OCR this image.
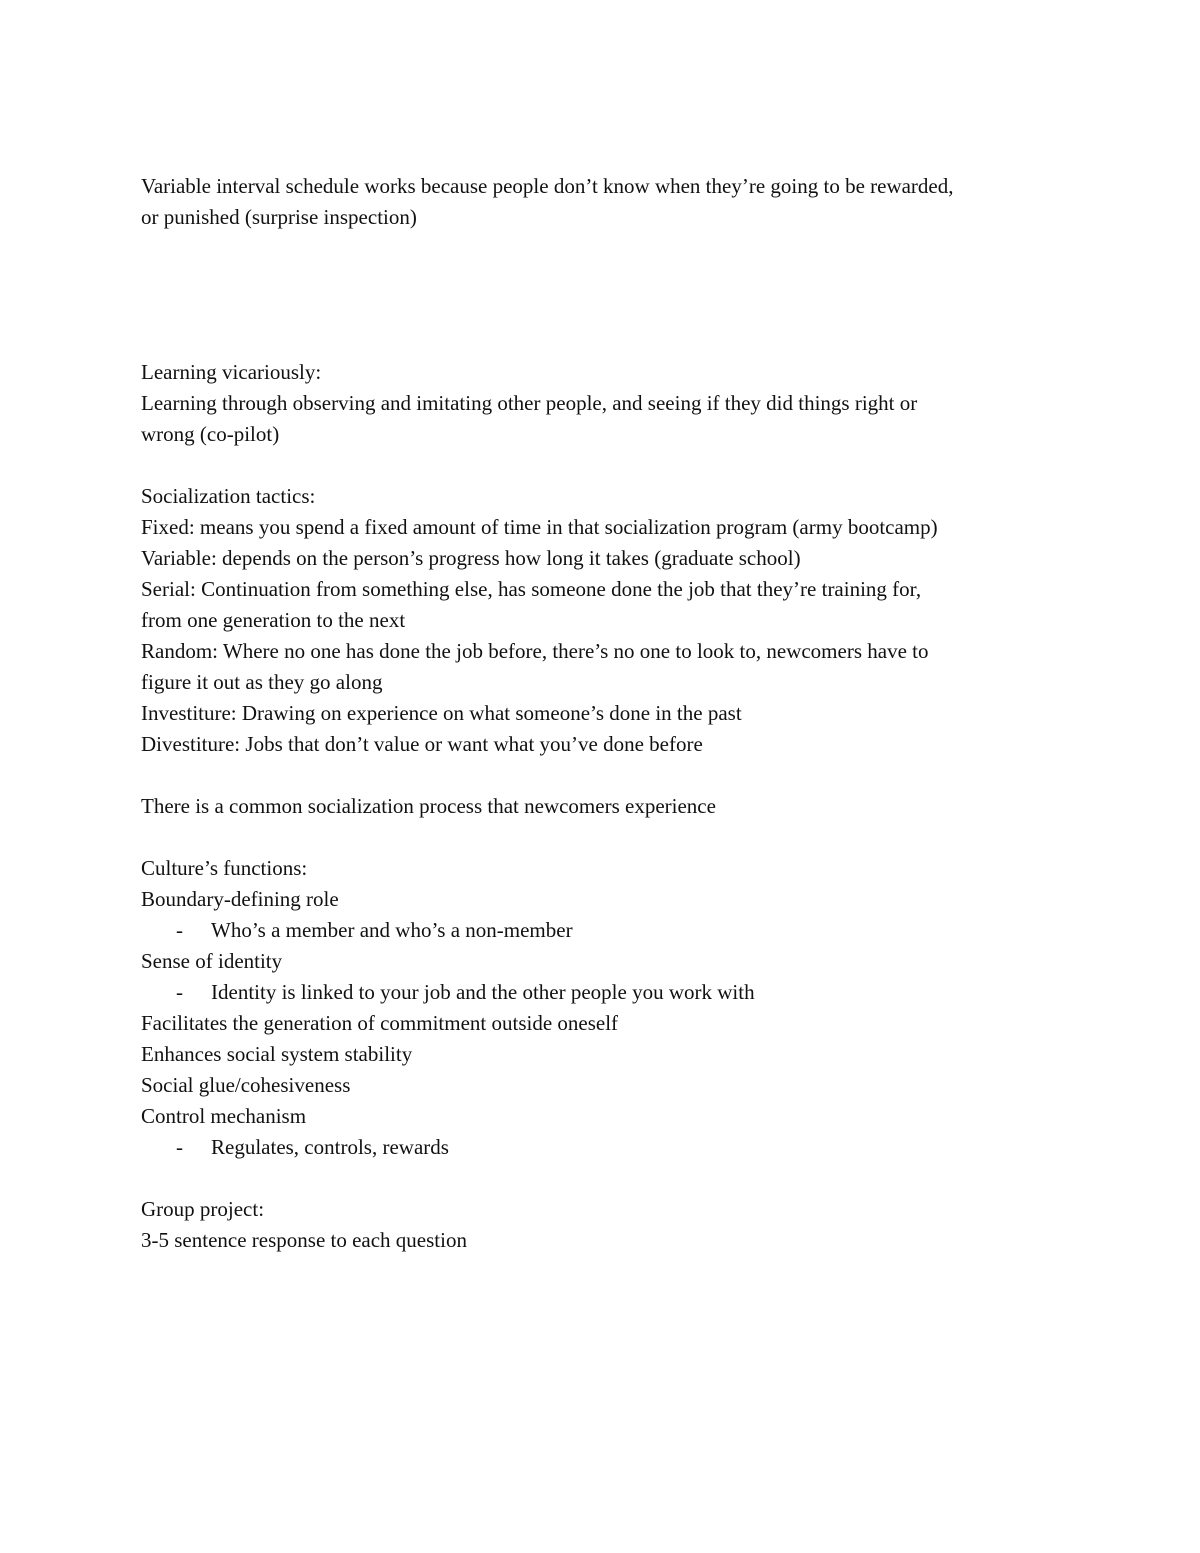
Variable interval schedule works because people don’t know when they’re going to be rewarded,
or punished (surprise inspection)
Learning vicariously:
Learning through observing and imitating other people, and seeing if they did things right or
wrong (co-pilot)
Socialization tactics:
Fixed: means you spend a fixed amount of time in that socialization program (army bootcamp)
Variable: depends on the person’s progress how long it takes (graduate school)
Serial: Continuation from something else, has someone done the job that they’re training for,
from one generation to the next
Random: Where no one has done the job before, there’s no one to look to, newcomers have to
figure it out as they go along
Investiture: Drawing on experience on what someone’s done in the past
Divestiture: Jobs that don’t value or want what you’ve done before
There is a common socialization process that newcomers experience
Culture’s functions:
Boundary-defining role
- Who’s a member and who’s a non-member
Sense of identity
- Identity is linked to your job and the other people you work with
Facilitates the generation of commitment outside oneself
Enhances social system stability
Social glue/cohesiveness
Control mechanism
- Regulates, controls, rewards
Group project:
3-5 sentence response to each question
